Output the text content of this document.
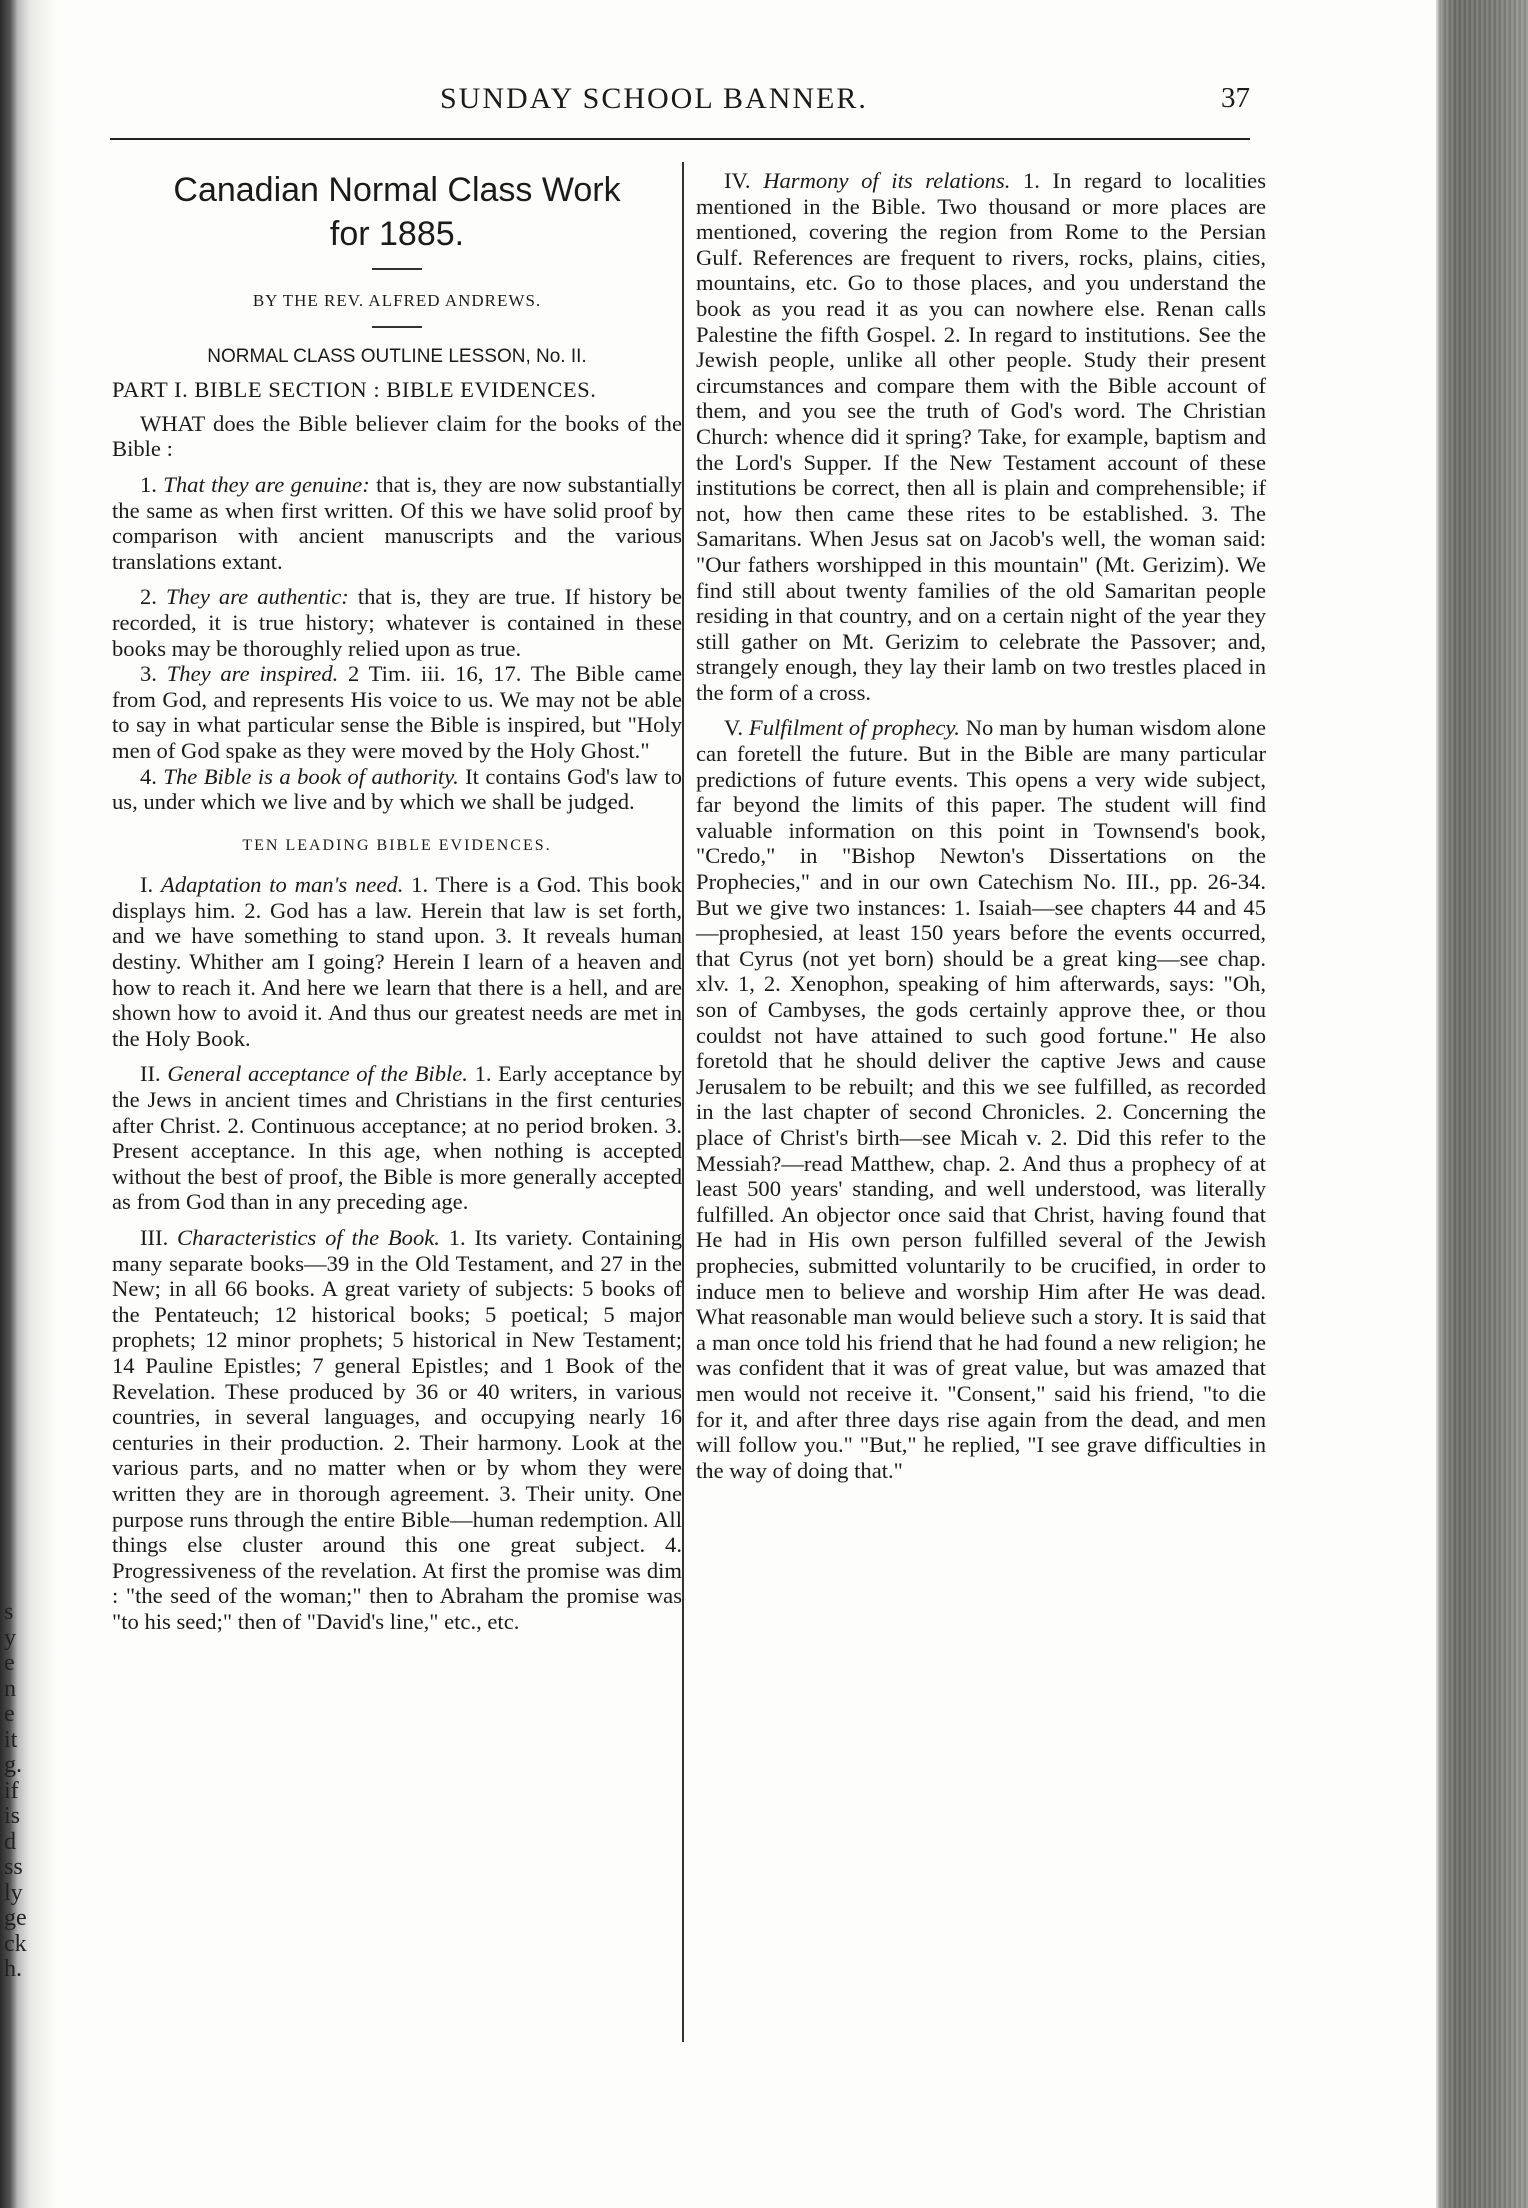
s
y
e
n
e
it
g.
if
is
d
ss
ly
ge
ck
h.
SUNDAY SCHOOL BANNER.	37

Canadian Normal Class Work
for 1885.

BY THE REV. ALFRED ANDREWS.

NORMAL CLASS OUTLINE LESSON, No. II.

PART I. BIBLE SECTION : BIBLE EVIDENCES.

WHAT does the Bible believer claim for the books of the Bible :

1. That they are genuine: that is, they are now substantially the same as when first written. Of this we have solid proof by comparison with ancient manuscripts and the various translations extant.

2. They are authentic: that is, they are true. If history be recorded, it is true history; whatever is contained in these books may be thoroughly relied upon as true.

3. They are inspired. 2 Tim. iii. 16, 17. The Bible came from God, and represents His voice to us. We may not be able to say in what particular sense the Bible is inspired, but "Holy men of God spake as they were moved by the Holy Ghost."

4. The Bible is a book of authority. It contains God's law to us, under which we live and by which we shall be judged.

TEN LEADING BIBLE EVIDENCES.

I. Adaptation to man's need. 1. There is a God. This book displays him. 2. God has a law. Herein that law is set forth, and we have something to stand upon. 3. It reveals human destiny. Whither am I going? Herein I learn of a heaven and how to reach it. And here we learn that there is a hell, and are shown how to avoid it. And thus our greatest needs are met in the Holy Book.

II. General acceptance of the Bible. 1. Early acceptance by the Jews in ancient times and Christians in the first centuries after Christ. 2. Continuous acceptance; at no period broken. 3. Present acceptance. In this age, when nothing is accepted without the best of proof, the Bible is more generally accepted as from God than in any preceding age.

III. Characteristics of the Book. 1. Its variety. Containing many separate books—39 in the Old Testament, and 27 in the New; in all 66 books. A great variety of subjects: 5 books of the Pentateuch; 12 historical books; 5 poetical; 5 major prophets; 12 minor prophets; 5 historical in New Testament; 14 Pauline Epistles; 7 general Epistles; and 1 Book of the Revelation. These produced by 36 or 40 writers, in various countries, in several languages, and occupying nearly 16 centuries in their production. 2. Their harmony. Look at the various parts, and no matter when or by whom they were written they are in thorough agreement. 3. Their unity. One purpose runs through the entire Bible—human redemption. All things else cluster around this one great subject. 4. Progressiveness of the revelation. At first the promise was dim : "the seed of the woman;" then to Abraham the promise was "to his seed;" then of "David's line," etc., etc.

IV. Harmony of its relations. 1. In regard to localities mentioned in the Bible. Two thousand or more places are mentioned, covering the region from Rome to the Persian Gulf. References are frequent to rivers, rocks, plains, cities, mountains, etc. Go to those places, and you understand the book as you read it as you can nowhere else. Renan calls Palestine the fifth Gospel. 2. In regard to institutions. See the Jewish people, unlike all other people. Study their present circumstances and compare them with the Bible account of them, and you see the truth of God's word. The Christian Church: whence did it spring? Take, for example, baptism and the Lord's Supper. If the New Testament account of these institutions be correct, then all is plain and comprehensible; if not, how then came these rites to be established. 3. The Samaritans. When Jesus sat on Jacob's well, the woman said: "Our fathers worshipped in this mountain" (Mt. Gerizim). We find still about twenty families of the old Samaritan people residing in that country, and on a certain night of the year they still gather on Mt. Gerizim to celebrate the Passover; and, strangely enough, they lay their lamb on two trestles placed in the form of a cross.

V. Fulfilment of prophecy. No man by human wisdom alone can foretell the future. But in the Bible are many particular predictions of future events. This opens a very wide subject, far beyond the limits of this paper. The student will find valuable information on this point in Townsend's book, "Credo," in "Bishop Newton's Dissertations on the Prophecies," and in our own Catechism No. III., pp. 26-34. But we give two instances: 1. Isaiah—see chapters 44 and 45—prophesied, at least 150 years before the events occurred, that Cyrus (not yet born) should be a great king—see chap. xlv. 1, 2. Xenophon, speaking of him afterwards, says: "Oh, son of Cambyses, the gods certainly approve thee, or thou couldst not have attained to such good fortune." He also foretold that he should deliver the captive Jews and cause Jerusalem to be rebuilt; and this we see fulfilled, as recorded in the last chapter of second Chronicles. 2. Concerning the place of Christ's birth—see Micah v. 2. Did this refer to the Messiah?—read Matthew, chap. 2. And thus a prophecy of at least 500 years' standing, and well understood, was literally fulfilled. An objector once said that Christ, having found that He had in His own person fulfilled several of the Jewish prophecies, submitted voluntarily to be crucified, in order to induce men to believe and worship Him after He was dead. What reasonable man would believe such a story. It is said that a man once told his friend that he had found a new religion; he was confident that it was of great value, but was amazed that men would not receive it. "Consent," said his friend, "to die for it, and after three days rise again from the dead, and men will follow you." "But," he replied, "I see grave difficulties in the way of doing that."
